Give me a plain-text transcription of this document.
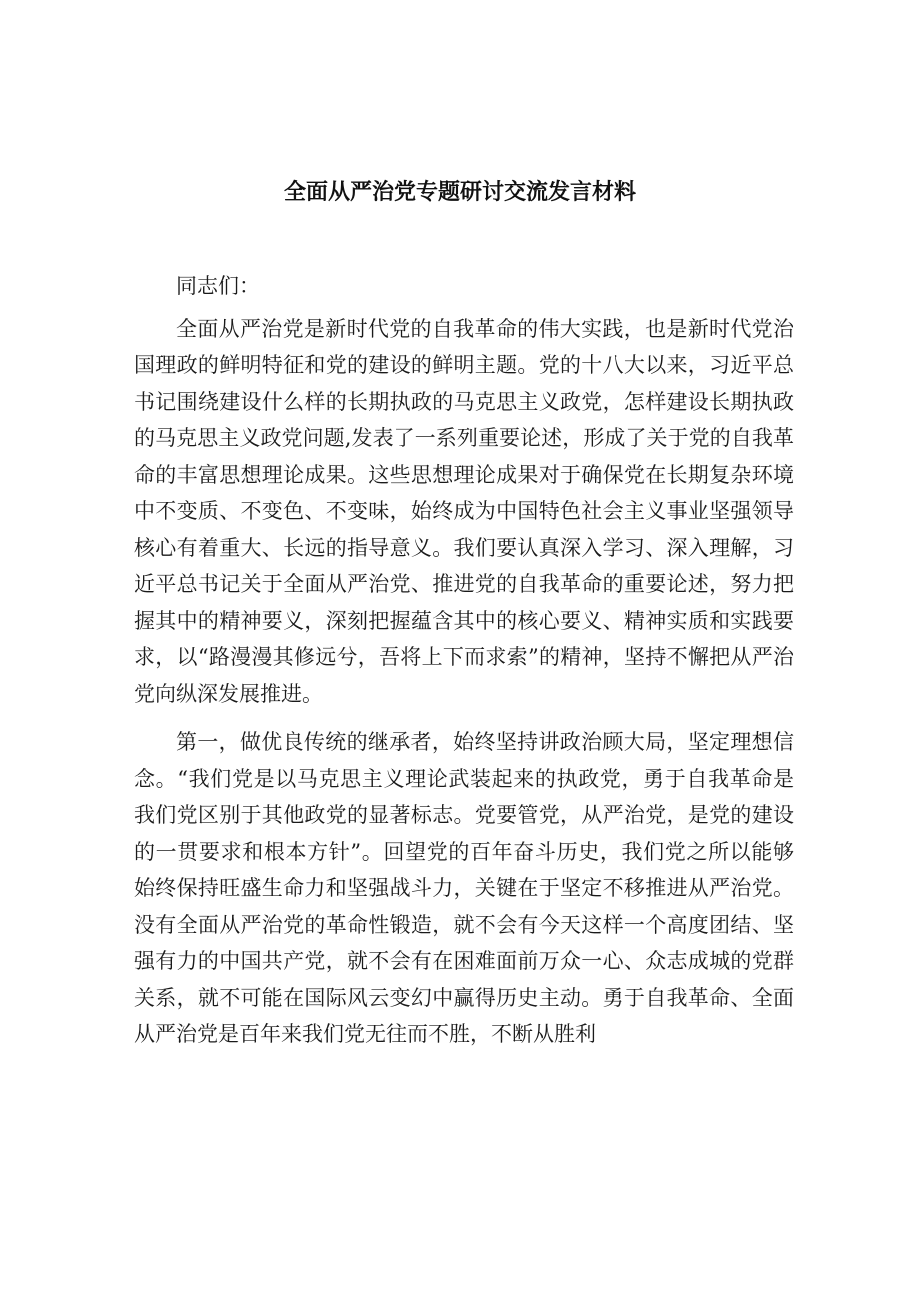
全面从严治党专题研讨交流发言材料
同志们：

全面从严治党是新时代党的自我革命的伟大实践，也是新时代党治国理政的鲜明特征和党的建设的鲜明主题。党的十八大以来，习近平总书记围绕建设什么样的长期执政的马克思主义政党，怎样建设长期执政的马克思主义政党问题,发表了一系列重要论述，形成了关于党的自我革命的丰富思想理论成果。这些思想理论成果对于确保党在长期复杂环境中不变质、不变色、不变味，始终成为中国特色社会主义事业坚强领导核心有着重大、长远的指导意义。我们要认真深入学习、深入理解，习近平总书记关于全面从严治党、推进党的自我革命的重要论述，努力把握其中的精神要义，深刻把握蕴含其中的核心要义、精神实质和实践要求，以“路漫漫其修远兮，吾将上下而求索”的精神，坚持不懈把从严治党向纵深发展推进。

第一，做优良传统的继承者，始终坚持讲政治顾大局，坚定理想信念。“我们党是以马克思主义理论武装起来的执政党，勇于自我革命是我们党区别于其他政党的显著标志。党要管党，从严治党，是党的建设的一贯要求和根本方针”。回望党的百年奋斗历史，我们党之所以能够始终保持旺盛生命力和坚强战斗力，关键在于坚定不移推进从严治党。没有全面从严治党的革命性锻造，就不会有今天这样一个高度团结、坚强有力的中国共产党，就不会有在困难面前万众一心、众志成城的党群关系，就不可能在国际风云变幻中赢得历史主动。勇于自我革命、全面从严治党是百年来我们党无往而不胜，不断从胜利
